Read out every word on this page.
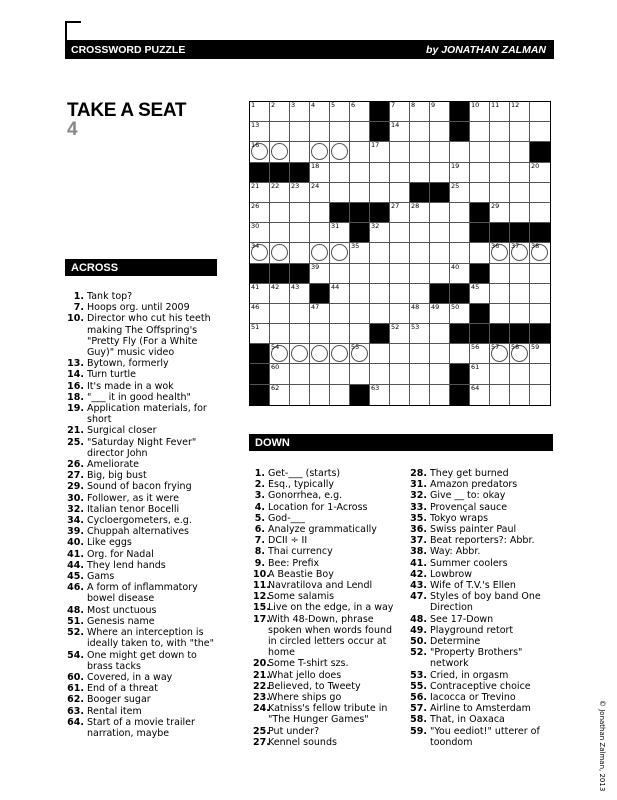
CROSSWORD PUZZLE	by JONATHAN ZALMAN
TAKE A SEAT
4
1 2 3 4 5 6	7 8 9	10 11 12
13	14
16	17
18	19	20
21 22 23 24	25
26	27 28	29
30	31	32
34	35	36 37 38
39	40
41 42 43	44	45
46	47	48 49 50
51	52 53
54	55	56 57 58 59
60	61
62	63	64
ACROSS
1. Tank top?
7. Hoops org. until 2009
10. Director who cut his teeth making The Offspring's "Pretty Fly (For a White Guy)" music video
13. Bytown, formerly
14. Turn turtle
16. It's made in a wok
18. "___ it in good health"
19. Application materials, for short
21. Surgical closer
25. "Saturday Night Fever" director John
26. Ameliorate
27. Big, big bust
29. Sound of bacon frying
30. Follower, as it were
32. Italian tenor Bocelli
34. Cycloergometers, e.g.
39. Chuppah alternatives
40. Like eggs
41. Org. for Nadal
44. They lend hands
45. Gams
46. A form of inflammatory bowel disease
48. Most unctuous
51. Genesis name
52. Where an interception is ideally taken to, with "the"
54. One might get down to brass tacks
60. Covered, in a way
61. End of a threat
62. Booger sugar
63. Rental item
64. Start of a movie trailer narration, maybe
DOWN
1. Get-___ (starts)
2. Esq., typically
3. Gonorrhea, e.g.
4. Location for 1-Across
5. God-___
6. Analyze grammatically
7. DCII ÷ II
8. Thai currency
9. Bee: Prefix
10.
A Beastie Boy
11.
Navratilova and Lendl
12.
Some salamis
15.
Live on the edge, in a way
17.
With 48-Down, phrase spoken when words found in circled letters occur at home
20.
Some T-shirt szs.
21.
What jello does
22.
Believed, to Tweety
23.
Where ships go
24.
Katniss's fellow tribute in "The Hunger Games"
25.
Put under?
27.
Kennel sounds
28. They get burned
31. Amazon predators
32. Give __ to: okay
33. Provençal sauce
35. Tokyo wraps
36. Swiss painter Paul
37. Beat reporters?: Abbr.
38. Way: Abbr.
41. Summer coolers
42. Lowbrow
43. Wife of T.V.'s Ellen
47. Styles of boy band One Direction
48. See 17-Down
49. Playground retort
50. Determine
52. "Property Brothers" network
53. Cried, in orgasm
55. Contraceptive choice
56. Iacocca or Trevino
57. Airline to Amsterdam
58. That, in Oaxaca
59. "You eediot!" utterer of toondom	© Jonathan Zalman, 2013
